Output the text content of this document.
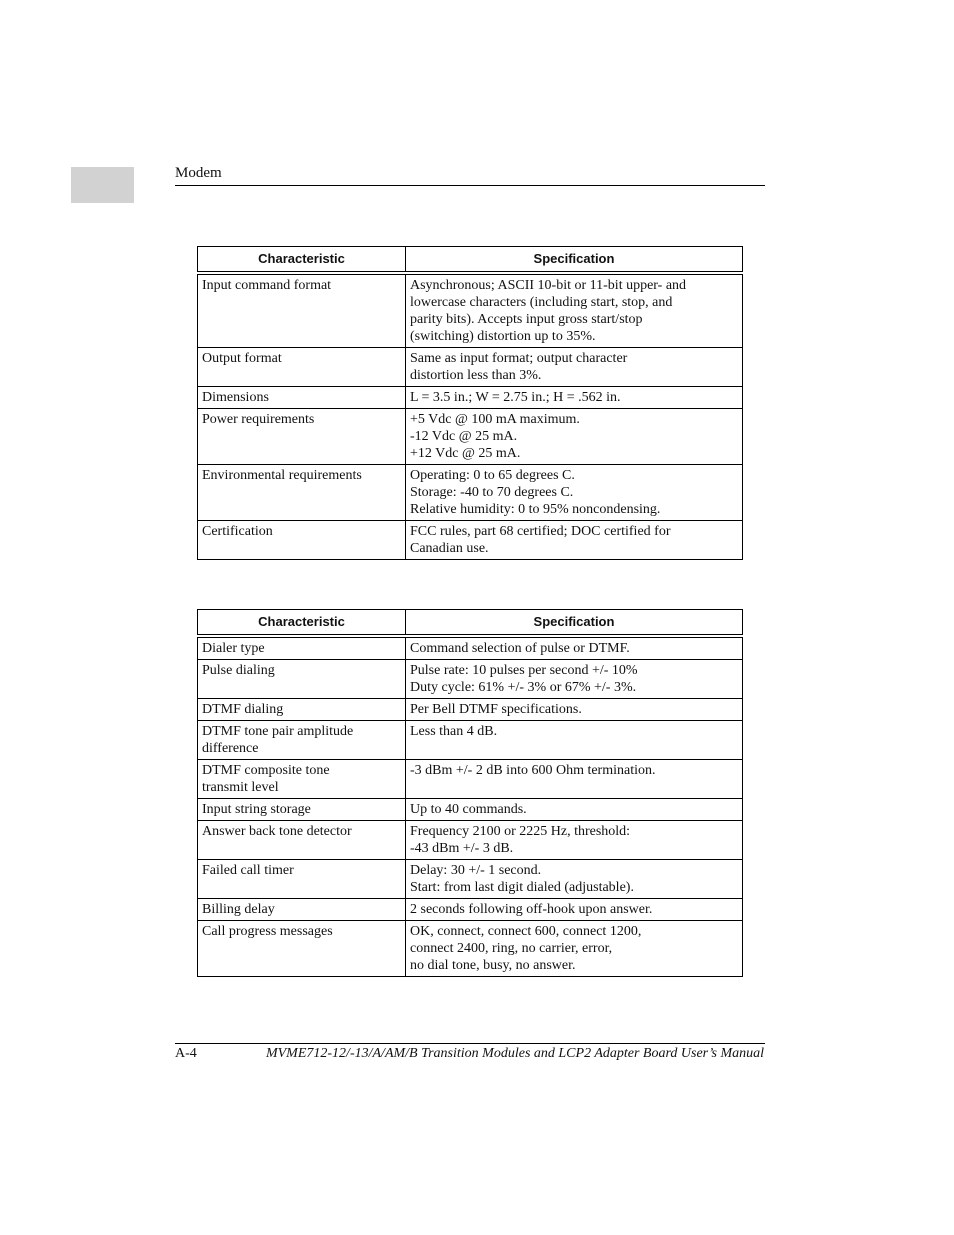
Modem
Characteristic	Specification
Input command format	Asynchronous; ASCII 10-bit or 11-bit upper- and
lowercase characters (including start, stop, and
parity bits). Accepts input gross start/stop
(switching) distortion up to 35%.
Output format	Same as input format; output character
distortion less than 3%.
Dimensions	L = 3.5 in.; W = 2.75 in.; H = .562 in.
Power requirements	+5 Vdc @ 100 mA maximum.
-12 Vdc @ 25 mA.
+12 Vdc @ 25 mA.
Environmental requirements	Operating: 0 to 65 degrees C.
Storage: -40 to 70 degrees C.
Relative humidity: 0 to 95% noncondensing.
Certification	FCC rules, part 68 certified; DOC certified for
Canadian use.
Characteristic	Specification
Dialer type	Command selection of pulse or DTMF.
Pulse dialing	Pulse rate: 10 pulses per second +/- 10%
Duty cycle: 61% +/- 3% or 67% +/- 3%.
DTMF dialing	Per Bell DTMF specifications.
DTMF tone pair amplitude
difference	Less than 4 dB.
DTMF composite tone
transmit level	-3 dBm +/- 2 dB into 600 Ohm termination.
Input string storage	Up to 40 commands.
Answer back tone detector	Frequency 2100 or 2225 Hz, threshold:
-43 dBm +/- 3 dB.
Failed call timer	Delay: 30 +/- 1 second.
Start: from last digit dialed (adjustable).
Billing delay	2 seconds following off-hook upon answer.
Call progress messages	OK, connect, connect 600, connect 1200,
connect 2400, ring, no carrier, error,
no dial tone, busy, no answer.
A-4	MVME712-12/-13/A/AM/B Transition Modules and LCP2 Adapter Board User’s Manual
